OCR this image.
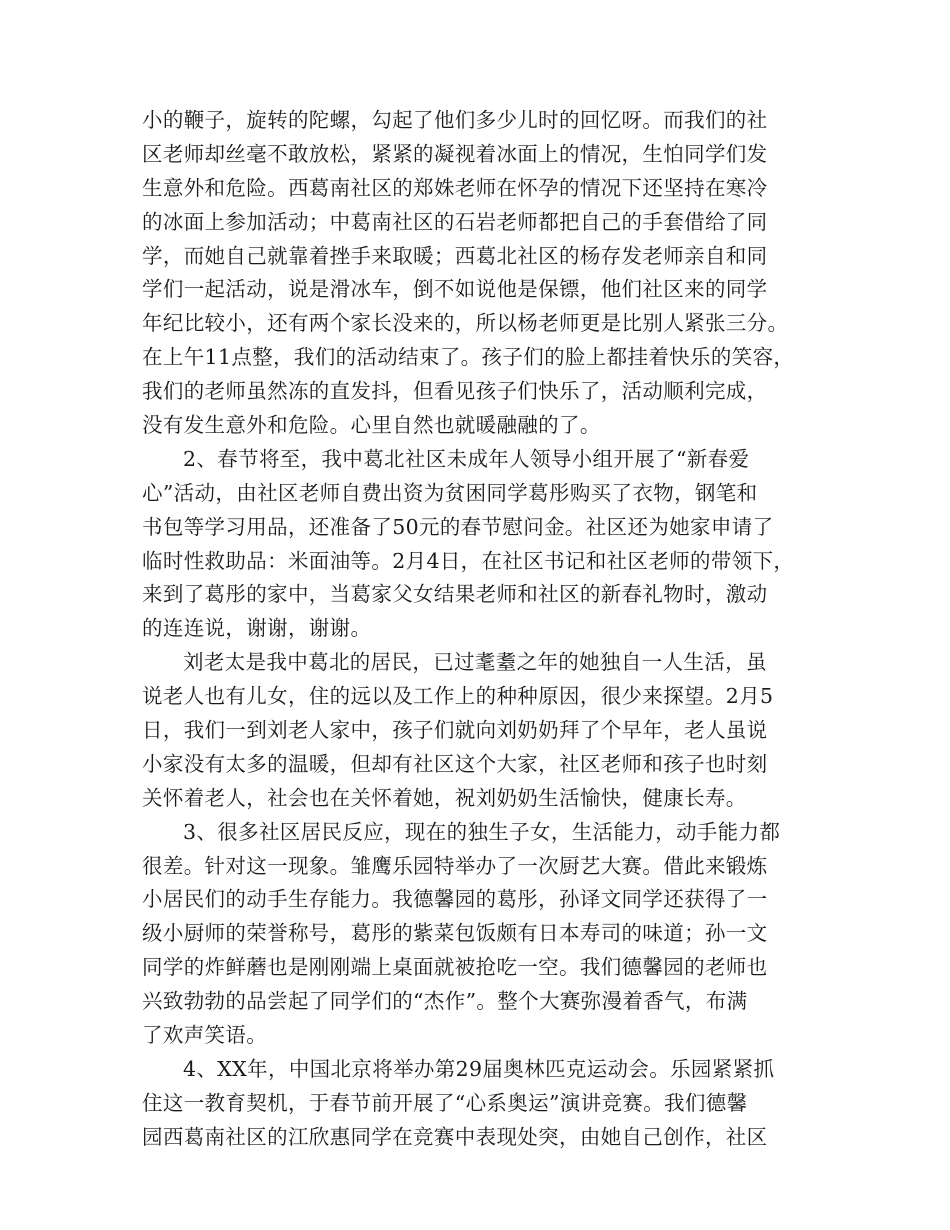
小的鞭子，旋转的陀螺，勾起了他们多少儿时的回忆呀。而我们的社
区老师却丝毫不敢放松，紧紧的凝视着冰面上的情况，生怕同学们发
生意外和危险。西葛南社区的郑姝老师在怀孕的情况下还坚持在寒冷
的冰面上参加活动；中葛南社区的石岩老师都把自己的手套借给了同
学，而她自己就靠着挫手来取暖；西葛北社区的杨存发老师亲自和同
学们一起活动，说是滑冰车，倒不如说他是保镖，他们社区来的同学
年纪比较小，还有两个家长没来的，所以杨老师更是比别人紧张三分。
在上午11点整，我们的活动结束了。孩子们的脸上都挂着快乐的笑容，
我们的老师虽然冻的直发抖，但看见孩子们快乐了，活动顺利完成，
没有发生意外和危险。心里自然也就暖融融的了。
2、春节将至，我中葛北社区未成年人领导小组开展了“新春爱
心”活动，由社区老师自费出资为贫困同学葛彤购买了衣物，钢笔和
书包等学习用品，还准备了50元的春节慰问金。社区还为她家申请了
临时性救助品：米面油等。2月4日，在社区书记和社区老师的带领下，
来到了葛彤的家中，当葛家父女结果老师和社区的新春礼物时，激动
的连连说，谢谢，谢谢。
刘老太是我中葛北的居民，已过耄耋之年的她独自一人生活，虽
说老人也有儿女，住的远以及工作上的种种原因，很少来探望。2月5
日，我们一到刘老人家中，孩子们就向刘奶奶拜了个早年，老人虽说
小家没有太多的温暖，但却有社区这个大家，社区老师和孩子也时刻
关怀着老人，社会也在关怀着她，祝刘奶奶生活愉快，健康长寿。
3、很多社区居民反应，现在的独生子女，生活能力，动手能力都
很差。针对这一现象。雏鹰乐园特举办了一次厨艺大赛。借此来锻炼
小居民们的动手生存能力。我德馨园的葛彤，孙译文同学还获得了一
级小厨师的荣誉称号，葛彤的紫菜包饭颇有日本寿司的味道；孙一文
同学的炸鲜蘑也是刚刚端上桌面就被抢吃一空。我们德馨园的老师也
兴致勃勃的品尝起了同学们的“杰作”。整个大赛弥漫着香气，布满
了欢声笑语。
4、XX年，中国北京将举办第29届奥林匹克运动会。乐园紧紧抓
住这一教育契机，于春节前开展了“心系奥运”演讲竞赛。我们德馨
园西葛南社区的江欣惠同学在竞赛中表现处突，由她自己创作，社区
